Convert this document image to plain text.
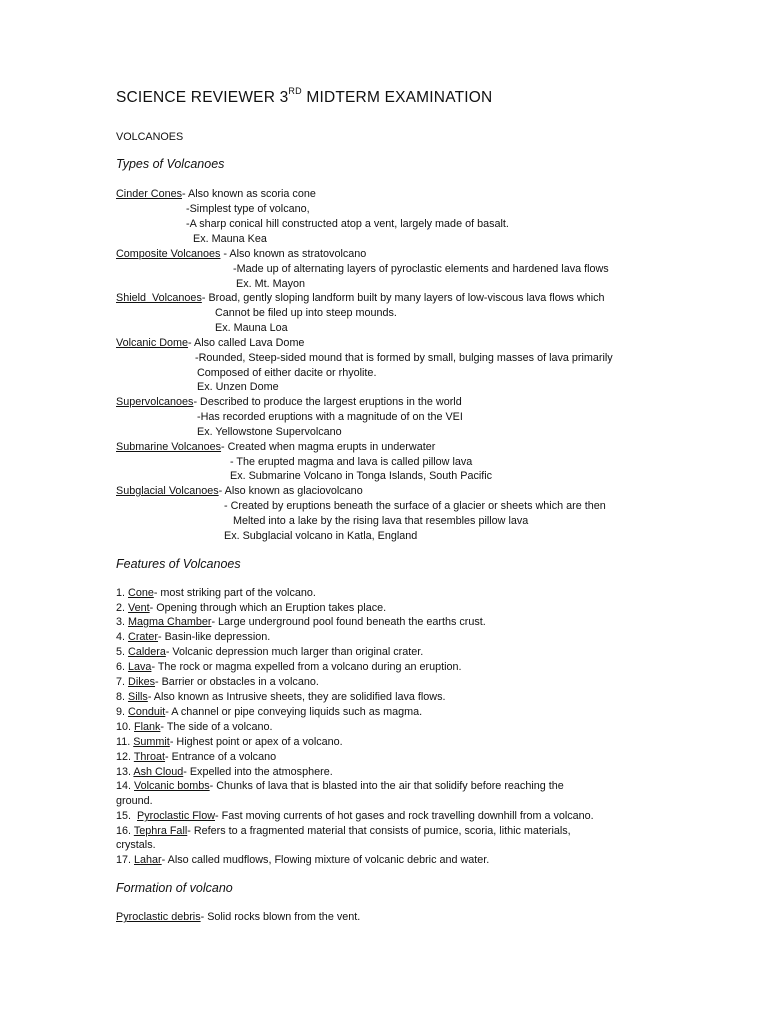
SCIENCE REVIEWER 3RD MIDTERM EXAMINATION
VOLCANOES
Types of Volcanoes
Cinder Cones- Also known as scoria cone
-Simplest type of volcano,
-A sharp conical hill constructed atop a vent, largely made of basalt.
Ex. Mauna Kea
Composite Volcanoes - Also known as stratovolcano
-Made up of alternating layers of pyroclastic elements and hardened lava flows
Ex. Mt. Mayon
Shield  Volcanoes- Broad, gently sloping landform built by many layers of low-viscous lava flows which
Cannot be filed up into steep mounds.
Ex. Mauna Loa
Volcanic Dome- Also called Lava Dome
-Rounded, Steep-sided mound that is formed by small, bulging masses of lava primarily
Composed of either dacite or rhyolite.
Ex. Unzen Dome
Supervolcanoes- Described to produce the largest eruptions in the world
-Has recorded eruptions with a magnitude of on the VEI
Ex. Yellowstone Supervolcano
Submarine Volcanoes- Created when magma erupts in underwater
- The erupted magma and lava is called pillow lava
Ex. Submarine Volcano in Tonga Islands, South Pacific
Subglacial Volcanoes- Also known as glaciovolcano
- Created by eruptions beneath the surface of a glacier or sheets which are then
Melted into a lake by the rising lava that resembles pillow lava
Ex. Subglacial volcano in Katla, England
Features of Volcanoes
1. Cone- most striking part of the volcano.
2. Vent- Opening through which an Eruption takes place.
3. Magma Chamber- Large underground pool found beneath the earths crust.
4. Crater- Basin-like depression.
5. Caldera- Volcanic depression much larger than original crater.
6. Lava- The rock or magma expelled from a volcano during an eruption.
7. Dikes- Barrier or obstacles in a volcano.
8. Sills- Also known as Intrusive sheets, they are solidified lava flows.
9. Conduit- A channel or pipe conveying liquids such as magma.
10. Flank- The side of a volcano.
11. Summit- Highest point or apex of a volcano.
12. Throat- Entrance of a volcano
13. Ash Cloud- Expelled into the atmosphere.
14. Volcanic bombs- Chunks of lava that is blasted into the air that solidify before reaching the
ground.
15.  Pyroclastic Flow- Fast moving currents of hot gases and rock travelling downhill from a volcano.
16. Tephra Fall- Refers to a fragmented material that consists of pumice, scoria, lithic materials,
crystals.
17. Lahar- Also called mudflows, Flowing mixture of volcanic debric and water.
Formation of volcano
Pyroclastic debris- Solid rocks blown from the vent.
